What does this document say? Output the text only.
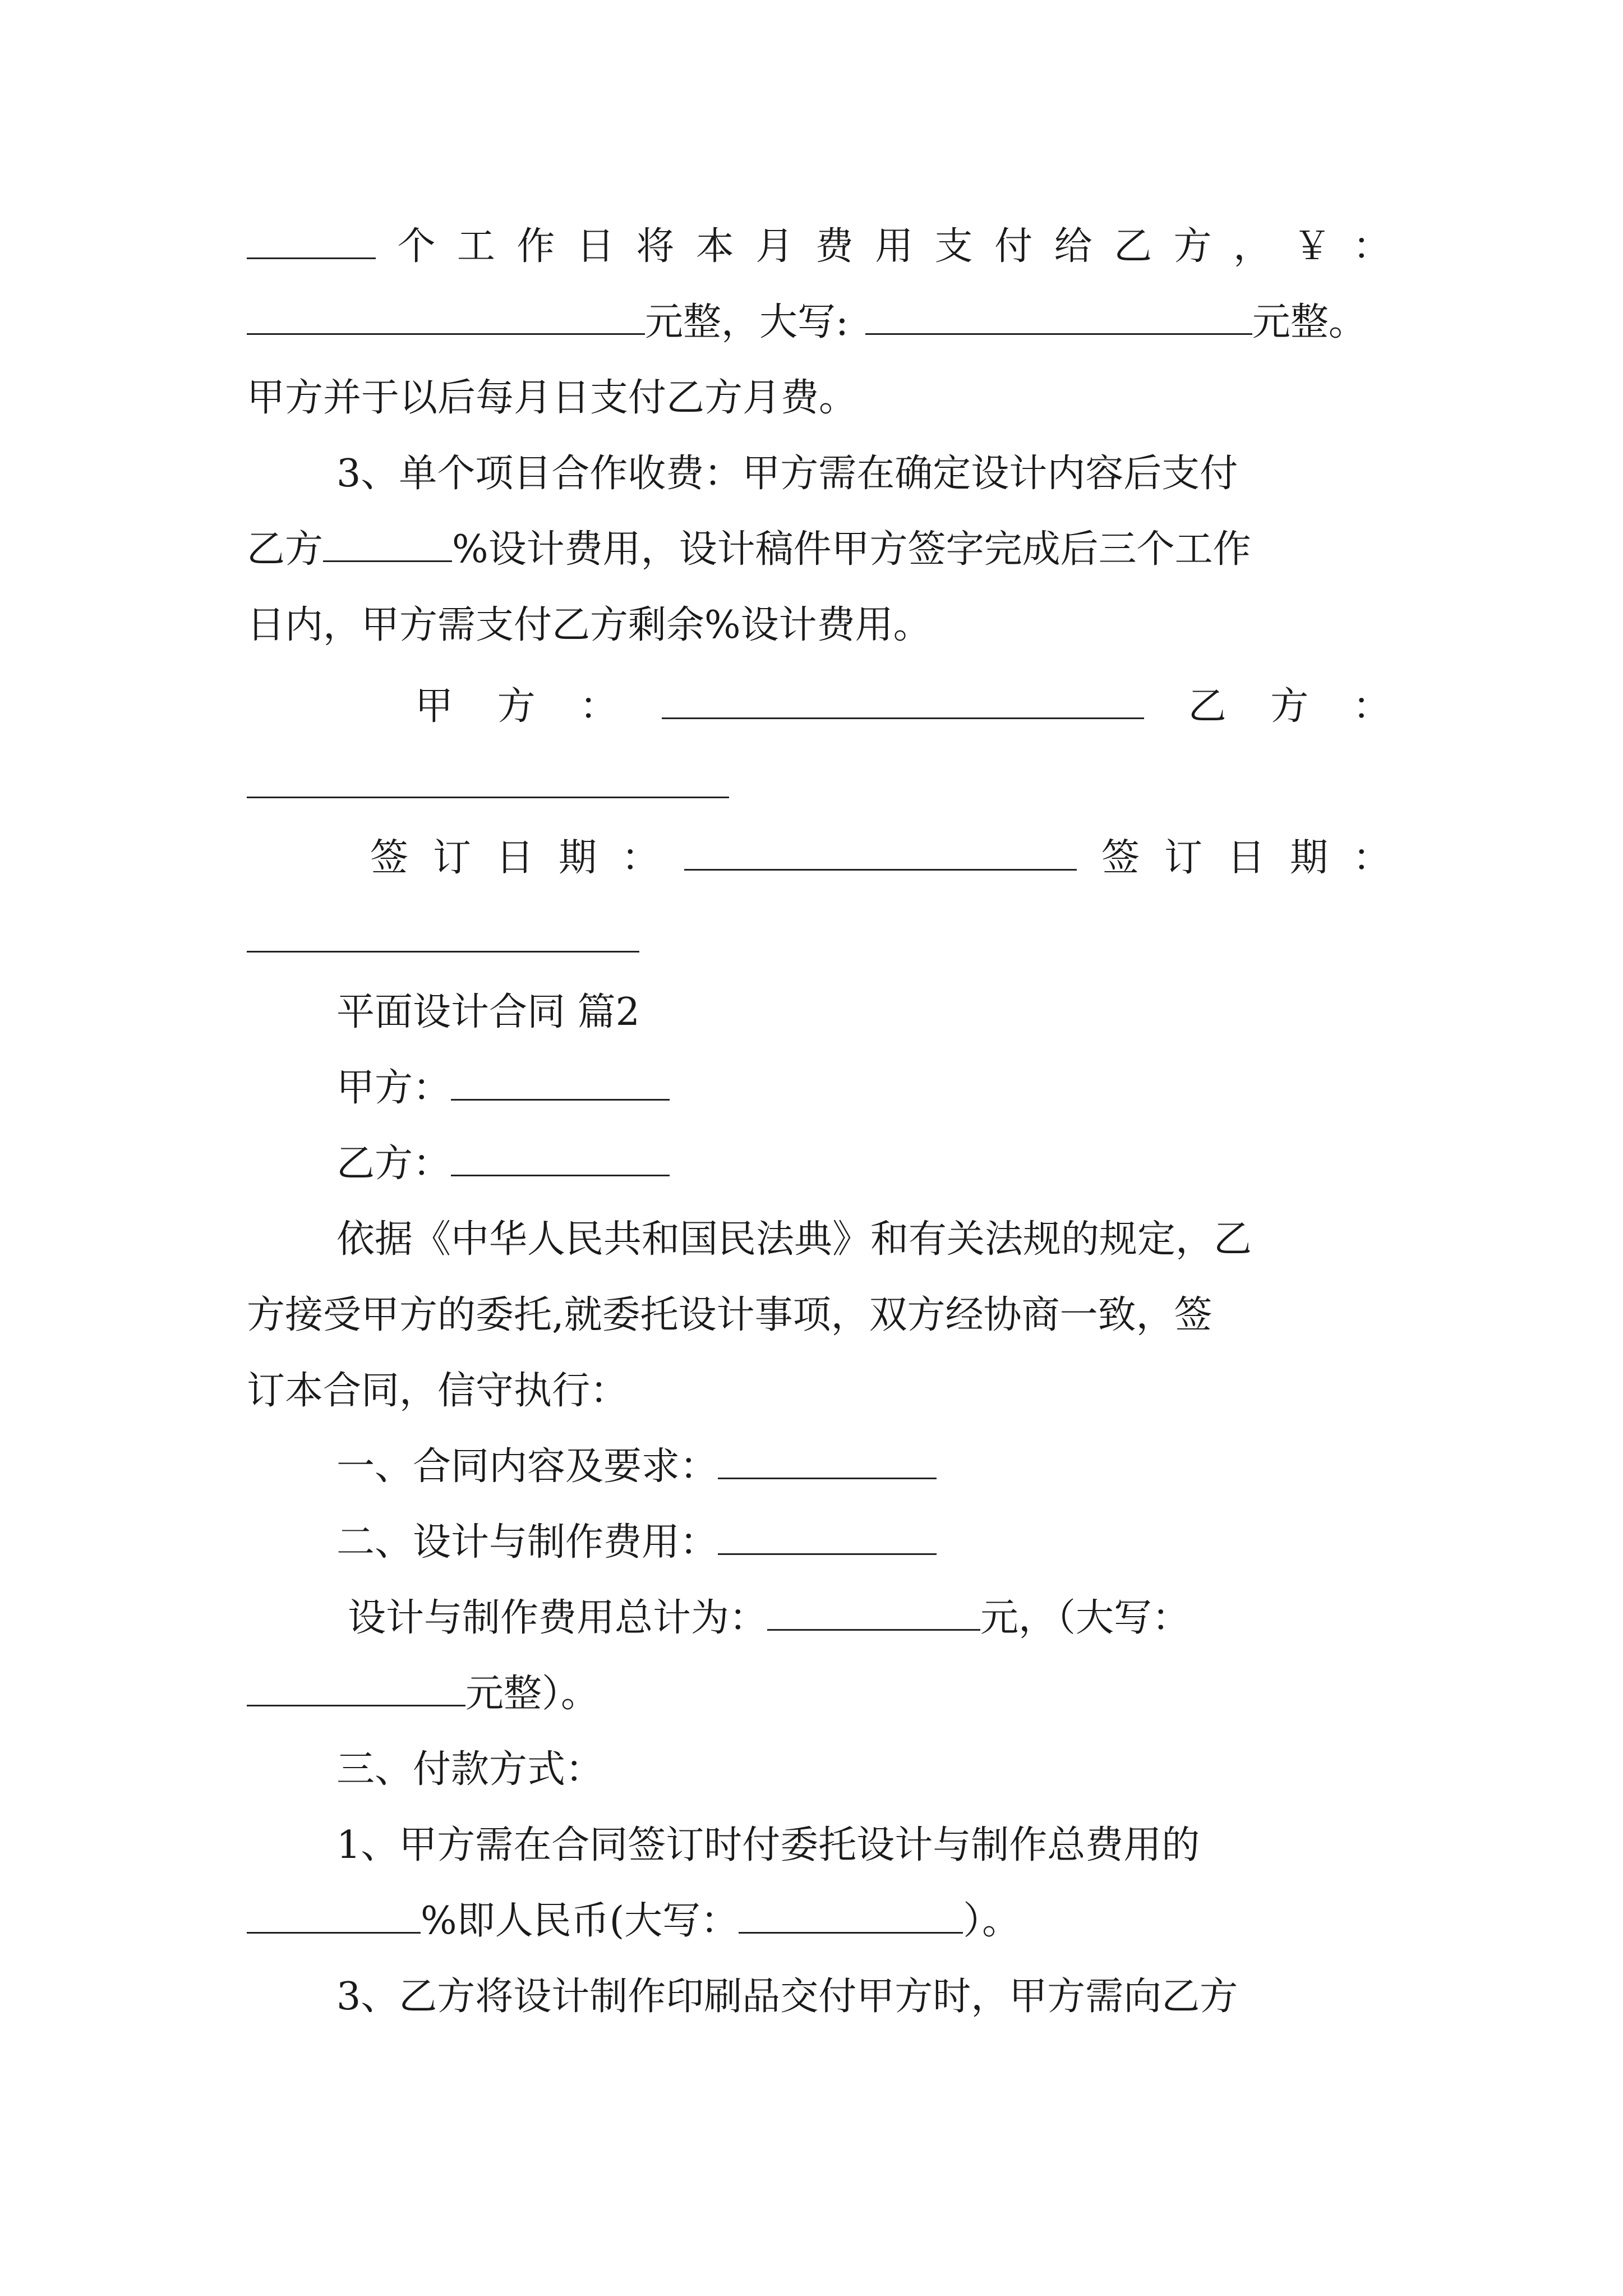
个 工 作 日 将 本 月 费 用 支 付 给 乙 方 ， ￥ ：
元整，大写:	元整。
甲方并于以后每月日支付乙方月费。
3、单个项目合作收费：甲方需在确定设计内容后支付
乙方	%设计费用，设计稿件甲方签字完成后三个工作
日内，甲方需支付乙方剩余%设计费用。
甲 方 ：	乙 方 ：
签 订 日 期 ：	签 订 日 期 ：
平面设计合同 篇2
甲方：
乙方：
依据《中华人民共和国民法典》和有关法规的规定，乙
方接受甲方的委托,就委托设计事项，双方经协商一致，签
订本合同，信守执行：
一、合同内容及要求：
二、设计与制作费用：
设计与制作费用总计为：	元，（大写：
元整）。
三、付款方式：
1、甲方需在合同签订时付委托设计与制作总费用的
%即人民币(大写：	）。
3、乙方将设计制作印刷品交付甲方时，甲方需向乙方
